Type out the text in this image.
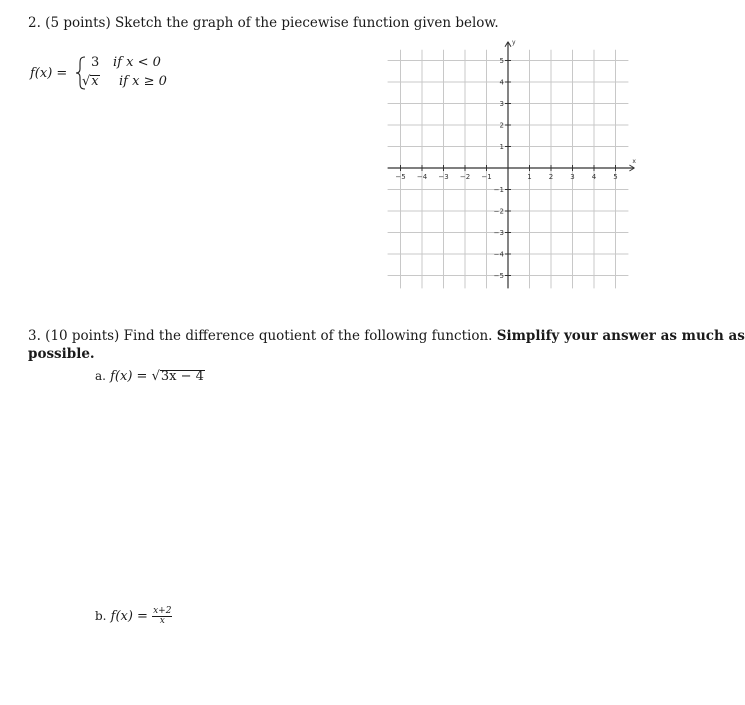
2. (5 points) Sketch the graph of the piecewise function given below.
f(x) =
3 if x < 0
√x if x ≥ 0
x
y
−5 −4 −3 −2 −1	1 2 3 4 5
5
4
3
2
1
−1
−2
−3
−4
−5
3. (10 points) Find the difference quotient of the following function. Simplify your answer as much as
possible.
a. f(x) = √3x − 4
b. $f(x) = \frac{x+2}{x}$
